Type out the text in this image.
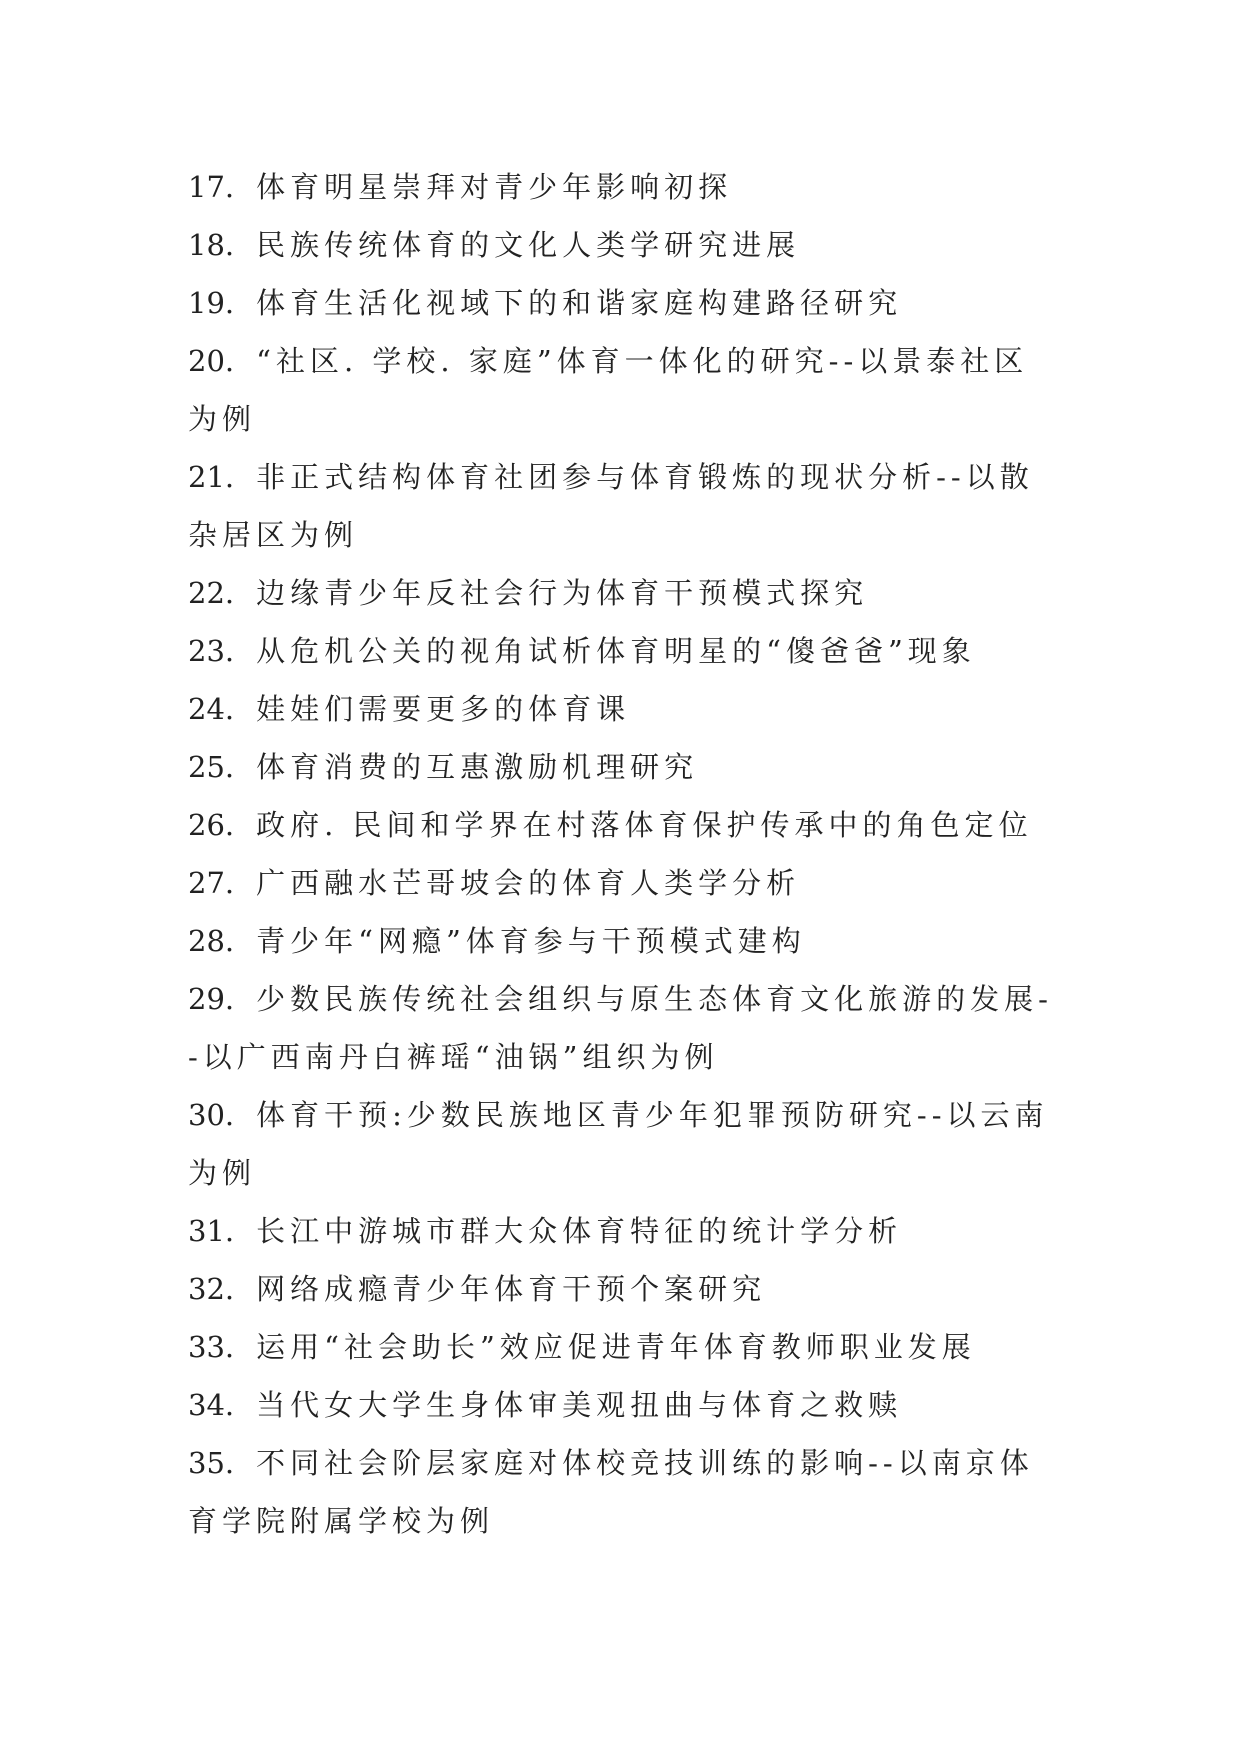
17. 体育明星崇拜对青少年影响初探

18. 民族传统体育的文化人类学研究进展

19. 体育生活化视域下的和谐家庭构建路径研究

20. “社区. 学校. 家庭”体育一体化的研究--以景泰社区为例

21. 非正式结构体育社团参与体育锻炼的现状分析--以散杂居区为例

22. 边缘青少年反社会行为体育干预模式探究

23. 从危机公关的视角试析体育明星的“傻爸爸”现象

24. 娃娃们需要更多的体育课

25. 体育消费的互惠激励机理研究

26. 政府. 民间和学界在村落体育保护传承中的角色定位

27. 广西融水芒哥坡会的体育人类学分析

28. 青少年“网瘾”体育参与干预模式建构

29. 少数民族传统社会组织与原生态体育文化旅游的发展--以广西南丹白裤瑶“油锅”组织为例

30. 体育干预:少数民族地区青少年犯罪预防研究--以云南为例

31. 长江中游城市群大众体育特征的统计学分析

32. 网络成瘾青少年体育干预个案研究

33. 运用“社会助长”效应促进青年体育教师职业发展

34. 当代女大学生身体审美观扭曲与体育之救赎

35. 不同社会阶层家庭对体校竞技训练的影响--以南京体育学院附属学校为例
